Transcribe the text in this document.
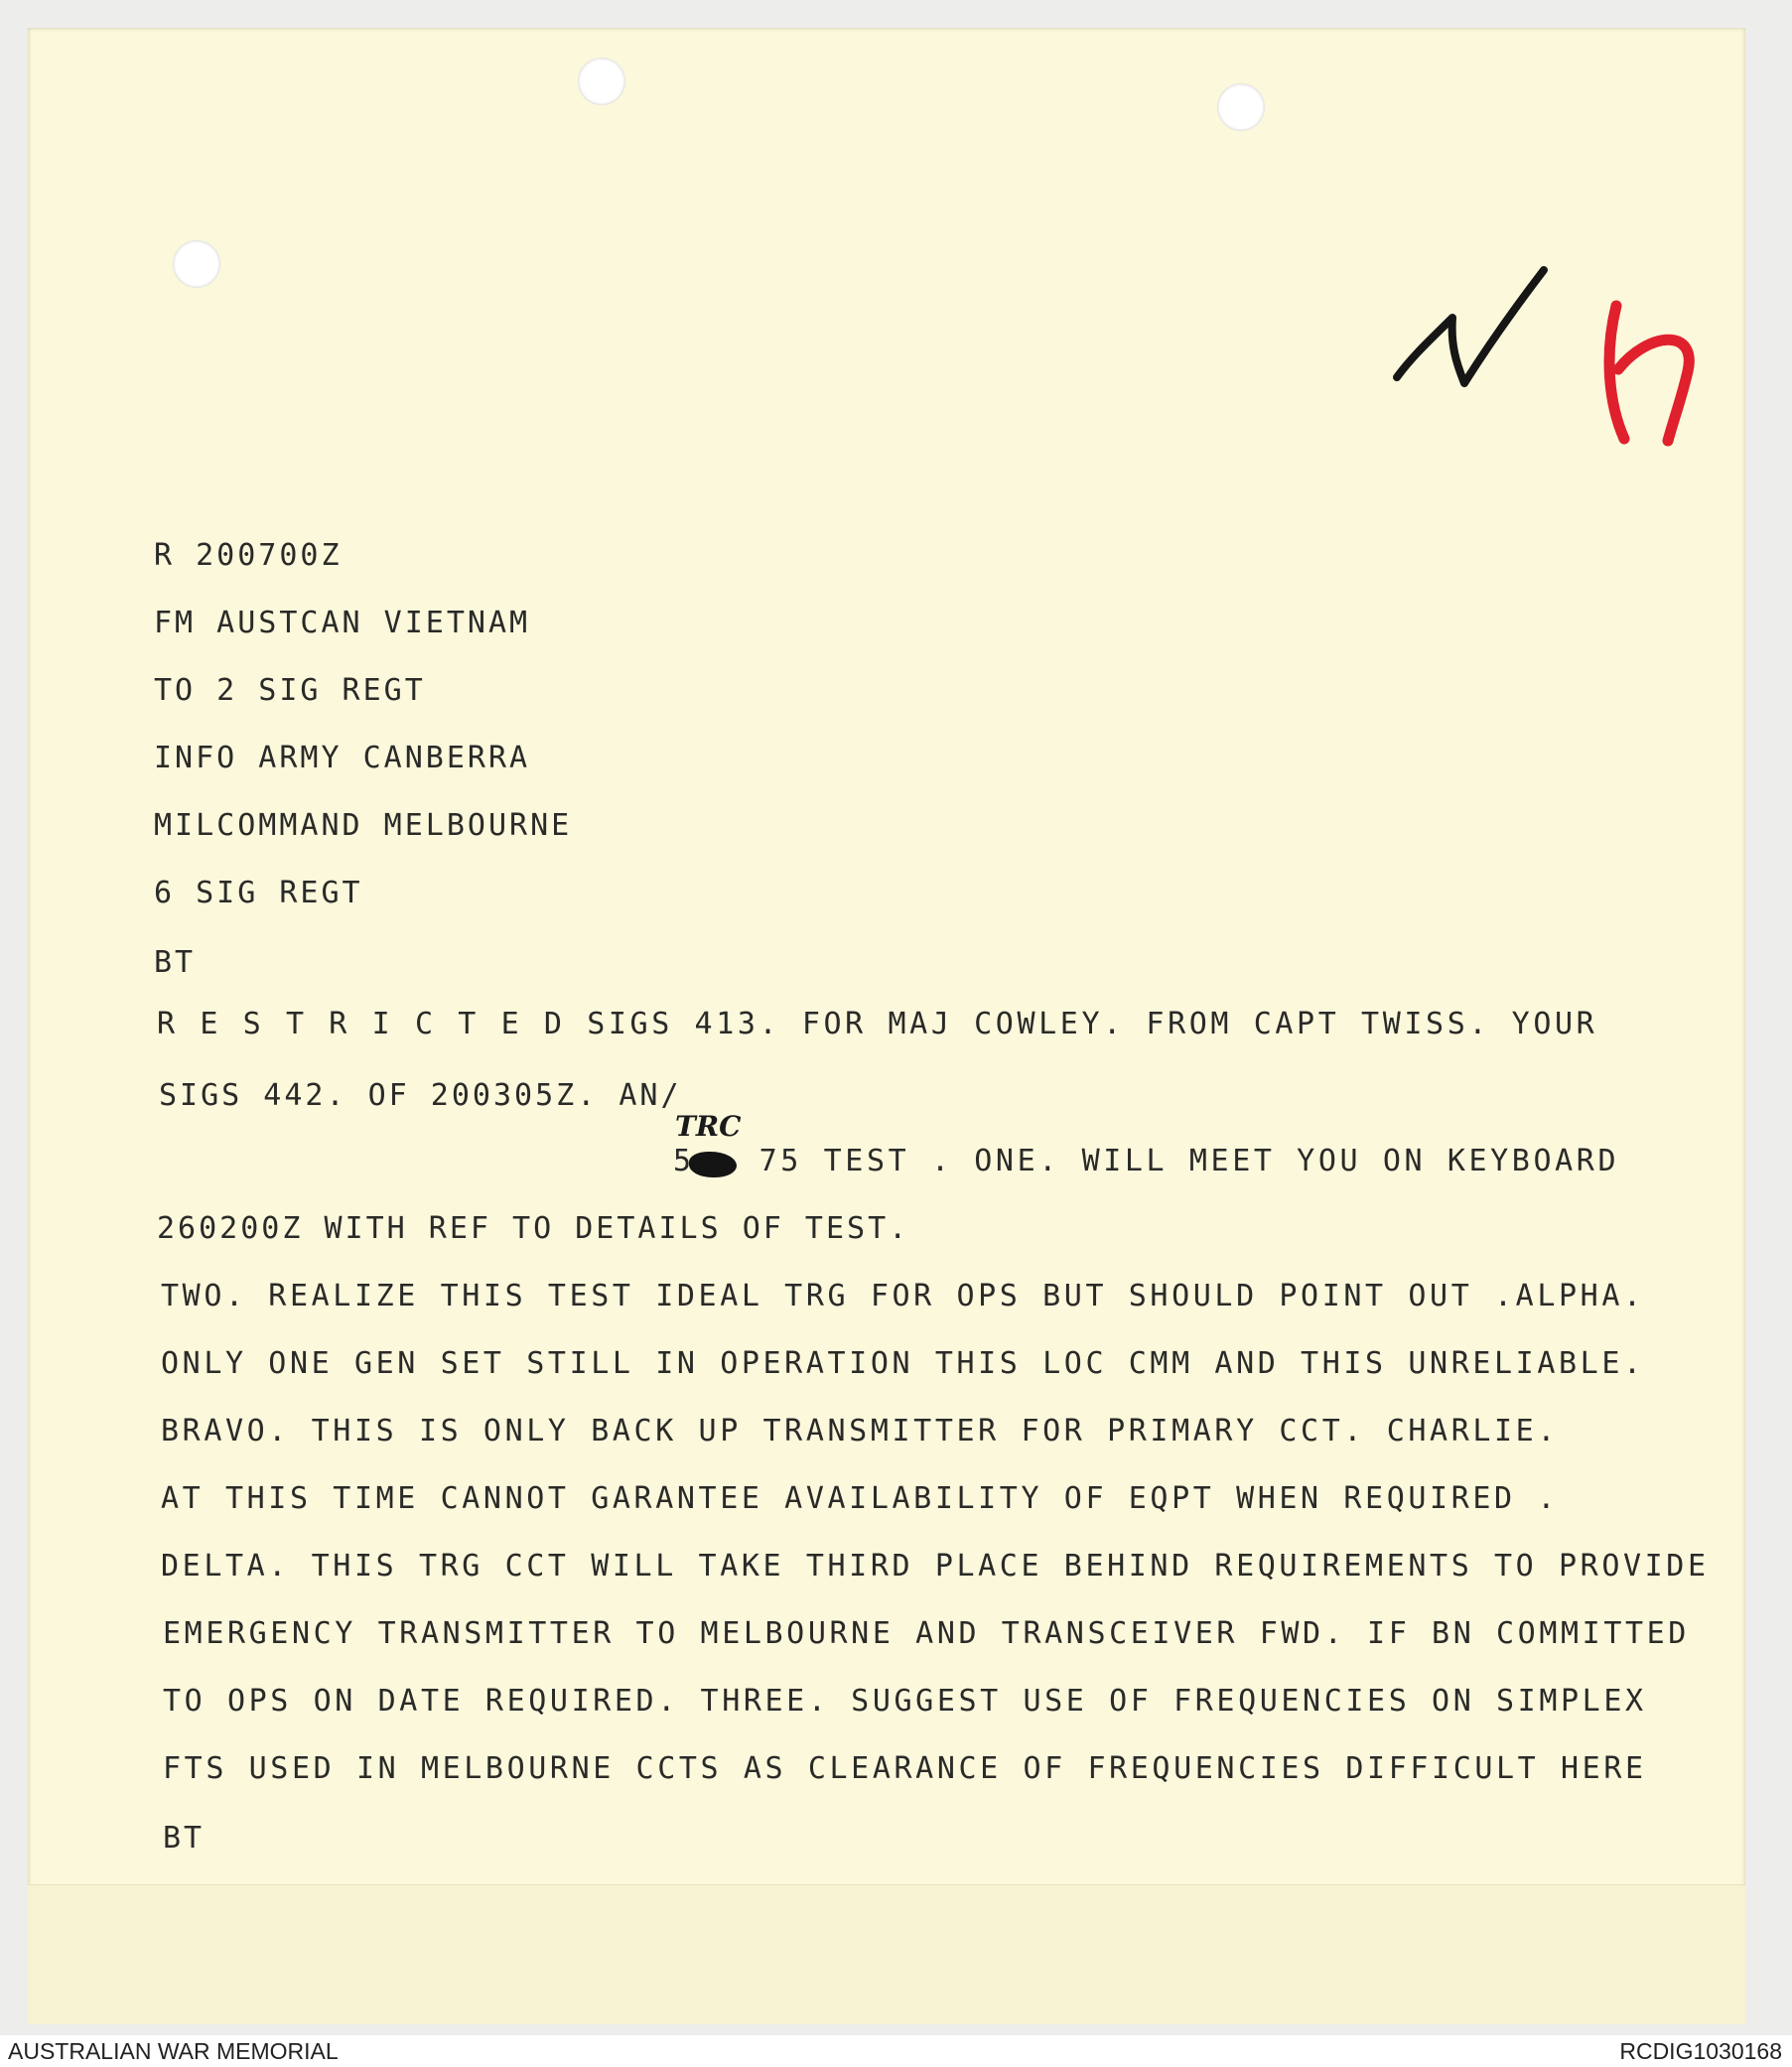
R 200700Z
FM AUSTCAN VIETNAM
TO 2 SIG REGT
INFO ARMY CANBERRA
MILCOMMAND MELBOURNE
6 SIG REGT
BT
R E S T R I C T E D SIGS 413. FOR MAJ COWLEY. FROM CAPT TWISS. YOUR
SIGS 442. OF 200305Z. AN/
TRC
5   75 TEST . ONE. WILL MEET YOU ON KEYBOARD
260200Z WITH REF TO DETAILS OF TEST.
TWO. REALIZE THIS TEST IDEAL TRG FOR OPS BUT SHOULD POINT OUT .ALPHA.
ONLY ONE GEN SET STILL IN OPERATION THIS LOC CMM AND THIS UNRELIABLE.
BRAVO. THIS IS ONLY BACK UP TRANSMITTER FOR PRIMARY CCT. CHARLIE.
AT THIS TIME CANNOT GARANTEE AVAILABILITY OF EQPT WHEN REQUIRED .
DELTA. THIS TRG CCT WILL TAKE THIRD PLACE BEHIND REQUIREMENTS TO PROVIDE
EMERGENCY TRANSMITTER TO MELBOURNE AND TRANSCEIVER FWD. IF BN COMMITTED
TO OPS ON DATE REQUIRED. THREE. SUGGEST USE OF FREQUENCIES ON SIMPLEX
FTS USED IN MELBOURNE CCTS AS CLEARANCE OF FREQUENCIES DIFFICULT HERE
BT
AUSTRALIAN WAR MEMORIAL	RCDIG1030168
